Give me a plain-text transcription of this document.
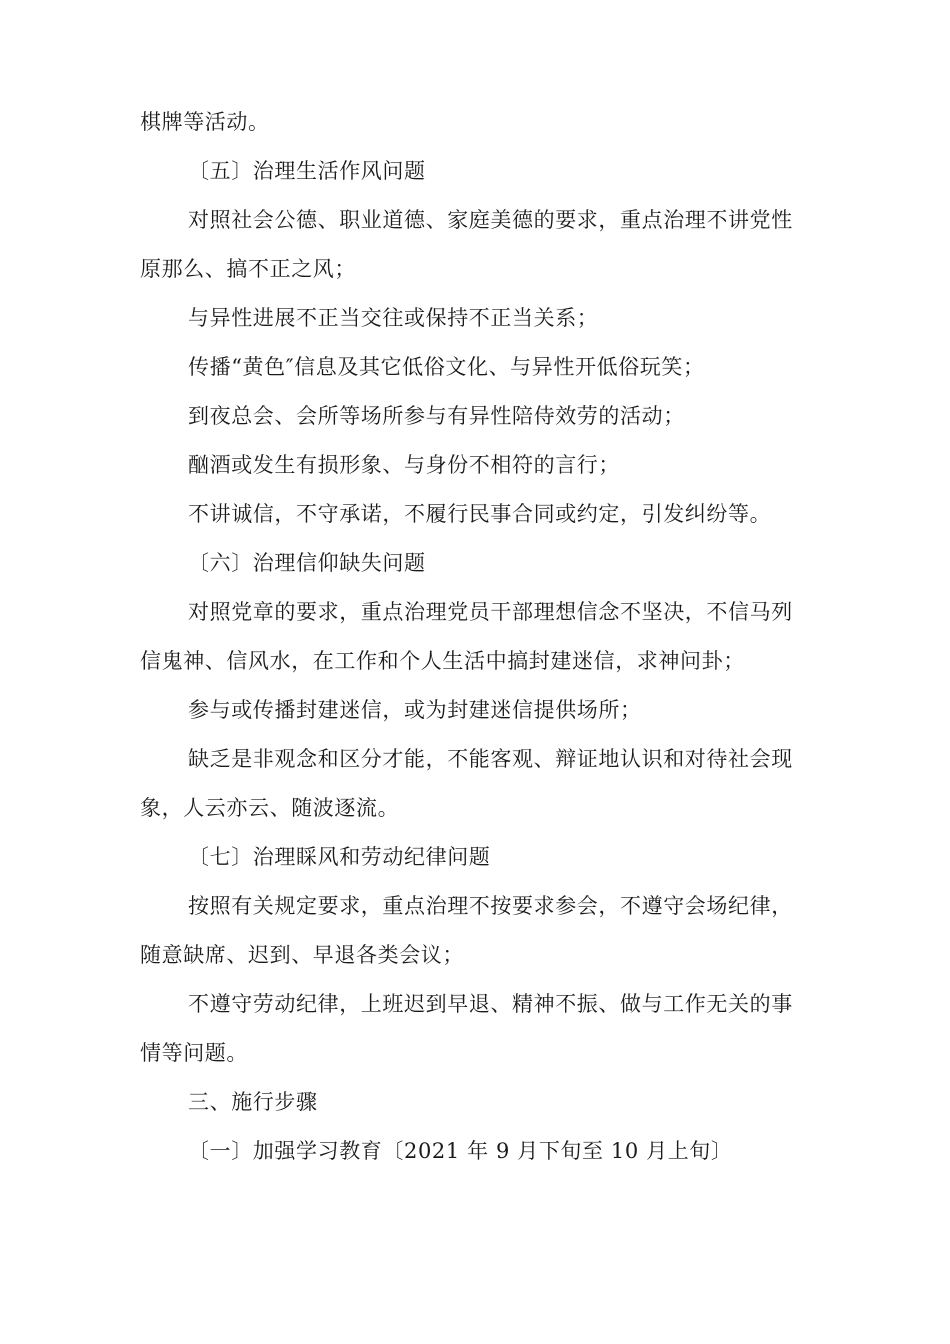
棋牌等活动。
〔五〕治理生活作风问题
对照社会公德、职业道德、家庭美德的要求，重点治理不讲党性
原那么、搞不正之风；
与异性进展不正当交往或保持不正当关系；
传播“黄色″信息及其它低俗文化、与异性开低俗玩笑；
到夜总会、会所等场所参与有异性陪侍效劳的活动；
酗酒或发生有损形象、与身份不相符的言行；
不讲诚信，不守承诺，不履行民事合同或约定，引发纠纷等。
〔六〕治理信仰缺失问题
对照党章的要求，重点治理党员干部理想信念不坚决，不信马列
信鬼神、信风水，在工作和个人生活中搞封建迷信，求神问卦；
参与或传播封建迷信，或为封建迷信提供场所；
缺乏是非观念和区分才能，不能客观、辩证地认识和对待社会现
象，人云亦云、随波逐流。
〔七〕治理睬风和劳动纪律问题
按照有关规定要求，重点治理不按要求参会，不遵守会场纪律，
随意缺席、迟到、早退各类会议；
不遵守劳动纪律，上班迟到早退、精神不振、做与工作无关的事
情等问题。
三、施行步骤
〔一〕加强学习教育〔2021 年 9 月下旬至 10 月上旬〕
